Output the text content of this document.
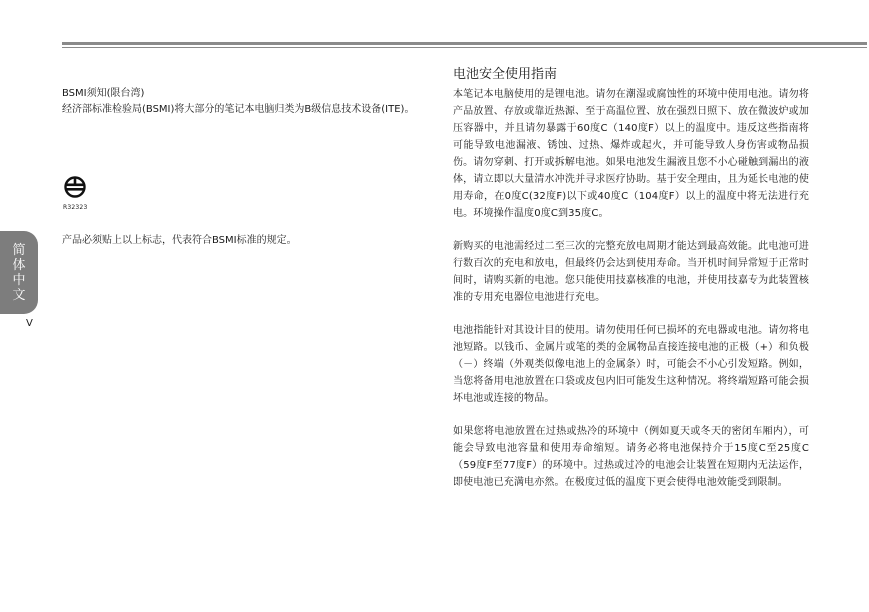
BSMI须知(限台湾)

经济部标准检验局(BSMI)将大部分的笔记本电脑归类为B级信息技术设备(ITE)。

R32323
产品必须贴上以上标志，代表符合BSMI标准的规定。
简
体
中
文
V
电池安全使用指南

本笔记本电脑使用的是锂电池。请勿在潮湿或腐蚀性的环境中使用电池。请勿将产品放置、存放或靠近热源、至于高温位置、放在强烈日照下、放在微波炉或加压容器中，并且请勿暴露于60度C（140度F）以上的温度中。违反这些指南将可能导致电池漏液、锈蚀、过热、爆炸或起火，并可能导致人身伤害或物品损伤。请勿穿刺、打开或拆解电池。如果电池发生漏液且您不小心碰触到漏出的液体，请立即以大量清水冲洗并寻求医疗协助。基于安全理由，且为延长电池的使用寿命，在0度C(32度F)以下或40度C（104度F）以上的温度中将无法进行充电。环境操作温度0度C到35度C。

新购买的电池需经过二至三次的完整充放电周期才能达到最高效能。此电池可进行数百次的充电和放电，但最终仍会达到使用寿命。当开机时间异常短于正常时间时，请购买新的电池。您只能使用技嘉核准的电池，并使用技嘉专为此装置核准的专用充电器位电池进行充电。

电池指能针对其设计目的使用。请勿使用任何已损坏的充电器或电池。请勿将电池短路。以钱币、金属片或笔的类的金属物品直接连接电池的正极（+）和负极（－）终端（外观类似像电池上的金属条）时，可能会不小心引发短路。例如，当您将备用电池放置在口袋或皮包内旧可能发生这种情况。将终端短路可能会损坏电池或连接的物品。

如果您将电池放置在过热或热冷的环境中（例如夏天或冬天的密闭车厢内），可能会导致电池容量和使用寿命缩短。请务必将电池保持介于15度C至25度C（59度F至77度F）的环境中。过热或过冷的电池会让装置在短期内无法运作，即使电池已充满电亦然。在极度过低的温度下更会使得电池效能受到限制。
